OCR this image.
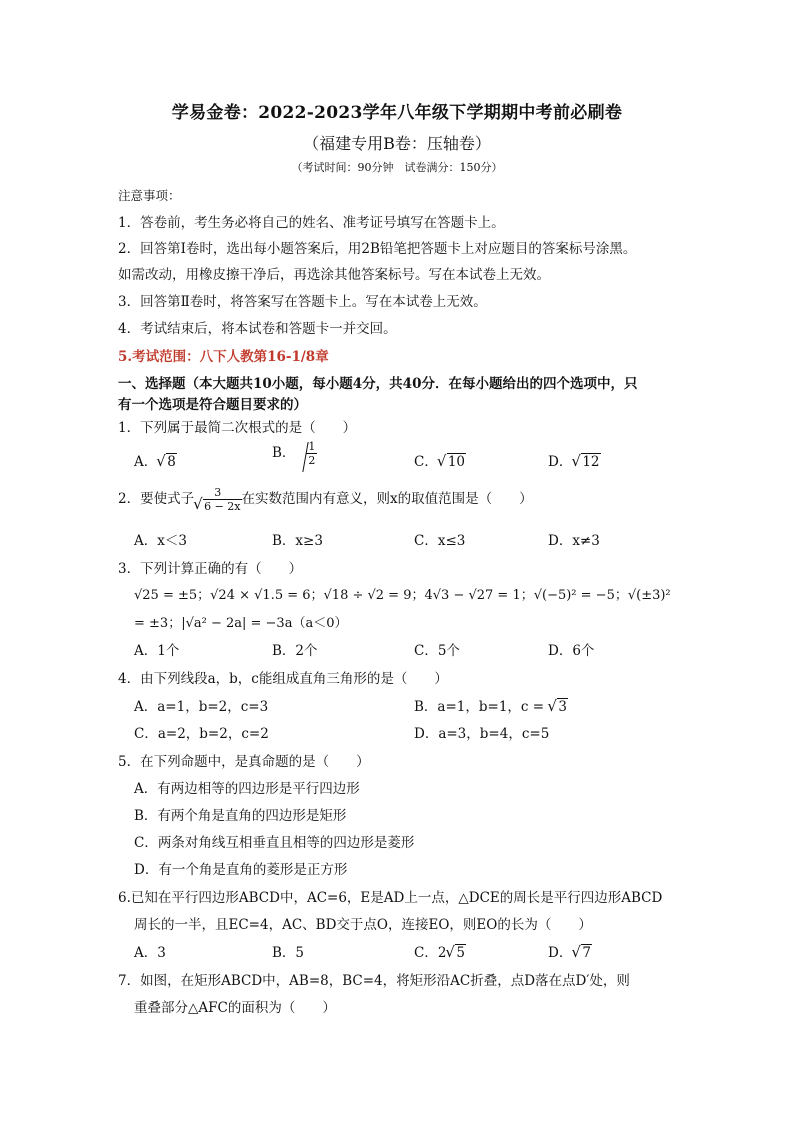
学易金卷：2022-2023学年八年级下学期期中考前必刷卷
（福建专用B卷：压轴卷）
（考试时间：90分钟　试卷满分：150分）
注意事项：
1．答卷前，考生务必将自己的姓名、准考证号填写在答题卡上。
2．回答第Ⅰ卷时，选出每小题答案后，用2B铅笔把答题卡上对应题目的答案标号涂黑。
如需改动，用橡皮擦干净后，再选涂其他答案标号。写在本试卷上无效。
3．回答第Ⅱ卷时，将答案写在答题卡上。写在本试卷上无效。
4．考试结束后，将本试卷和答题卡一并交回。
5.考试范围：八下人教第16-1/8章
一、选择题（本大题共10小题，每小题4分，共40分．在每小题给出的四个选项中，只
有一个选项是符合题目要求的）
1．下列属于最简二次根式的是（　　）
A． √ 8
B． $\frac{1}{2}$	C． √ 10	D． √ 12
2．要使式子 3
√ 6 − 2x 在实数范围内有意义，则x的取值范围是（　　）
A．x＜3	B．x≥3	C．x≤3	D．x≠3
3．下列计算正确的有（　　）
√25 = ±5；√24 × √1.5 = 6；√18 ÷ √2 = 9；4√3 − √27 = 1；√(−5)² = −5；√(±3)²
= ±3；|√a² − 2a| = −3a（a＜0）
A．1个	B．2个	C．5个	D．6个
4．由下列线段a，b，c能组成直角三角形的是（　　）
A．a=1，b=2，c=3	B．a=1，b=1，c = √ 3
C．a=2，b=2，c=2	D．a=3，b=4，c=5
5．在下列命题中，是真命题的是（　　）
A．有两边相等的四边形是平行四边形
B．有两个角是直角的四边形是矩形
C．两条对角线互相垂直且相等的四边形是菱形
D．有一个角是直角的菱形是正方形
6.已知在平行四边形ABCD中，AC=6，E是AD上一点，△DCE的周长是平行四边形ABCD
周长的一半，且EC=4，AC、BD交于点O，连接EO，则EO的长为（　　）
A．3	B．5	C．2 √ 5	D． √ 7
7．如图，在矩形ABCD中，AB=8，BC=4，将矩形沿AC折叠，点D落在点D′处，则
重叠部分△AFC的面积为（　　）
